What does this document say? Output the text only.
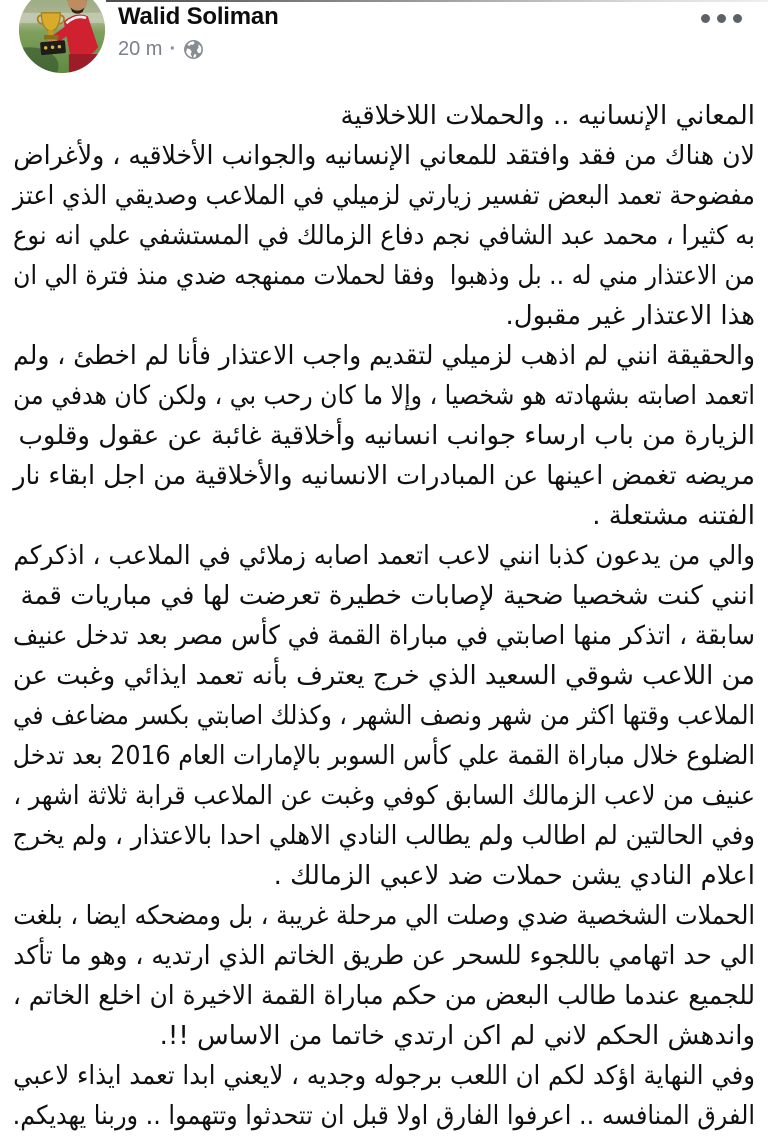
Walid Soliman
20 m ·
المعاني الإنسانيه .. والحملات اللاخلاقية
لان هناك من فقد وافتقد للمعاني الإنسانيه والجوانب الأخلاقيه ، ولأغراض
مفضوحة تعمد البعض تفسير زيارتي لزميلي في الملاعب وصديقي الذي اعتز
به كثيرا ، محمد عبد الشافي نجم دفاع الزمالك في المستشفي علي انه نوع
من الاعتذار مني له .. بل وذهبوا  وفقا لحملات ممنهجه ضدي منذ فترة الي ان
هذا الاعتذار غير مقبول.
والحقيقة انني لم اذهب لزميلي لتقديم واجب الاعتذار فأنا لم اخطئ ، ولم
اتعمد اصابته بشهادته هو شخصيا ، وإلا ما كان رحب بي ، ولكن كان هدفي من
الزيارة من باب ارساء جوانب انسانيه وأخلاقية غائبة عن عقول وقلوب
مريضه تغمض اعينها عن المبادرات الانسانيه والأخلاقية من اجل ابقاء نار
الفتنه مشتعلة .
والي من يدعون كذبا انني لاعب اتعمد اصابه زملائي في الملاعب ، اذكركم
انني كنت شخصيا ضحية لإصابات خطيرة تعرضت لها في مباريات قمة
سابقة ، اتذكر منها اصابتي في مباراة القمة في كأس مصر بعد تدخل عنيف
من اللاعب شوقي السعيد الذي خرج يعترف بأنه تعمد ايذائي وغبت عن
الملاعب وقتها اكثر من شهر ونصف الشهر ، وكذلك اصابتي بكسر مضاعف في
الضلوع خلال مباراة القمة علي كأس السوبر بالإمارات العام 2016 بعد تدخل
عنيف من لاعب الزمالك السابق كوفي وغبت عن الملاعب قرابة ثلاثة اشهر ،
وفي الحالتين لم اطالب ولم يطالب النادي الاهلي احدا بالاعتذار ، ولم يخرج
اعلام النادي يشن حملات ضد لاعبي الزمالك .
الحملات الشخصية ضدي وصلت الي مرحلة غريبة ، بل ومضحكه ايضا ، بلغت
الي حد اتهامي باللجوء للسحر عن طريق الخاتم الذي ارتديه ، وهو ما تأكد
للجميع عندما طالب البعض من حكم مباراة القمة الاخيرة ان اخلع الخاتم ،
واندهش الحكم لاني لم اكن ارتدي خاتما من الاساس !!.
وفي النهاية اؤكد لكم ان اللعب برجوله وجديه ، لايعني ابدا تعمد ايذاء لاعبي
الفرق المنافسه .. اعرفوا الفارق اولا قبل ان تتحدثوا وتتهموا .. وربنا يهديكم.
